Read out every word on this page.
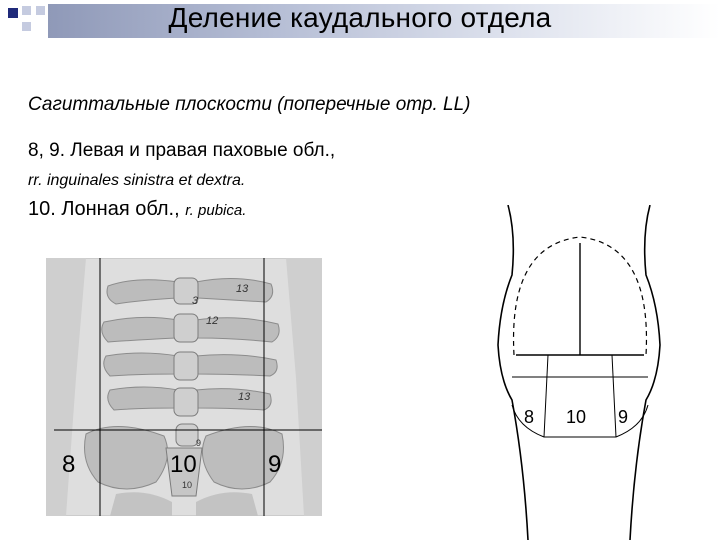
Деление каудального отдела
Сагиттальные плоскости (поперечные отр. LL)
8, 9. Левая и правая паховые обл.,
rr. inguinales sinistra et dextra.
10. Лонная обл., r. pubica.
3
13
12
13
9
10
8	10	9
8 10 9
